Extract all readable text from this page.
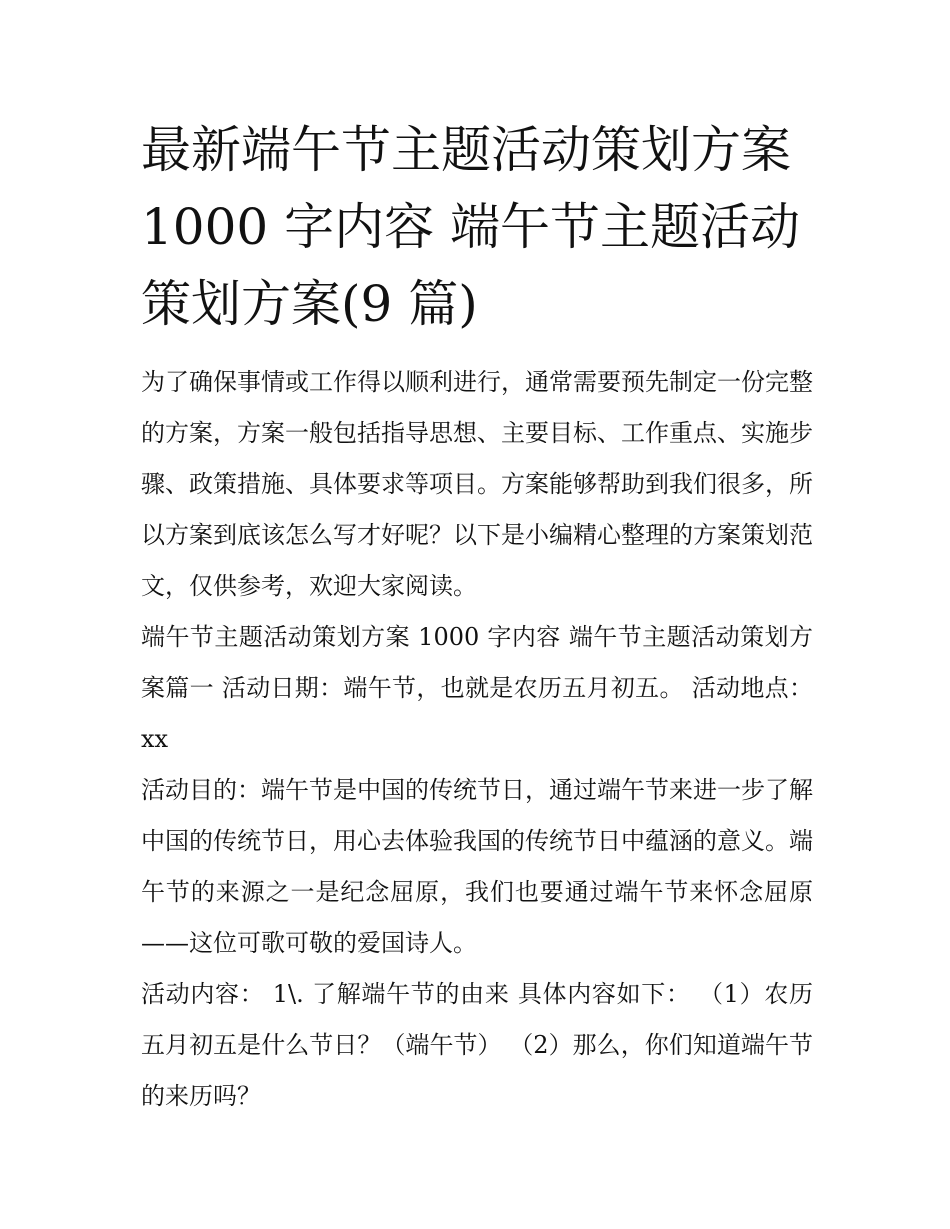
最新端午节主题活动策划方案 1000 字内容 端午节主题活动策划方案(9 篇)

为了确保事情或工作得以顺利进行，通常需要预先制定一份完整的方案，方案一般包括指导思想、主要目标、工作重点、实施步骤、政策措施、具体要求等项目。方案能够帮助到我们很多，所以方案到底该怎么写才好呢？以下是小编精心整理的方案策划范文，仅供参考，欢迎大家阅读。

端午节主题活动策划方案 1000 字内容 端午节主题活动策划方案篇一 活动日期：端午节，也就是农历五月初五。 活动地点：xx

活动目的：端午节是中国的传统节日，通过端午节来进一步了解中国的传统节日，用心去体验我国的传统节日中蕴涵的意义。端午节的来源之一是纪念屈原，我们也要通过端午节来怀念屈原——这位可歌可敬的爱国诗人。

活动内容： 1\. 了解端午节的由来 具体内容如下： （1）农历五月初五是什么节日？（端午节） （2）那么，你们知道端午节的来历吗？
